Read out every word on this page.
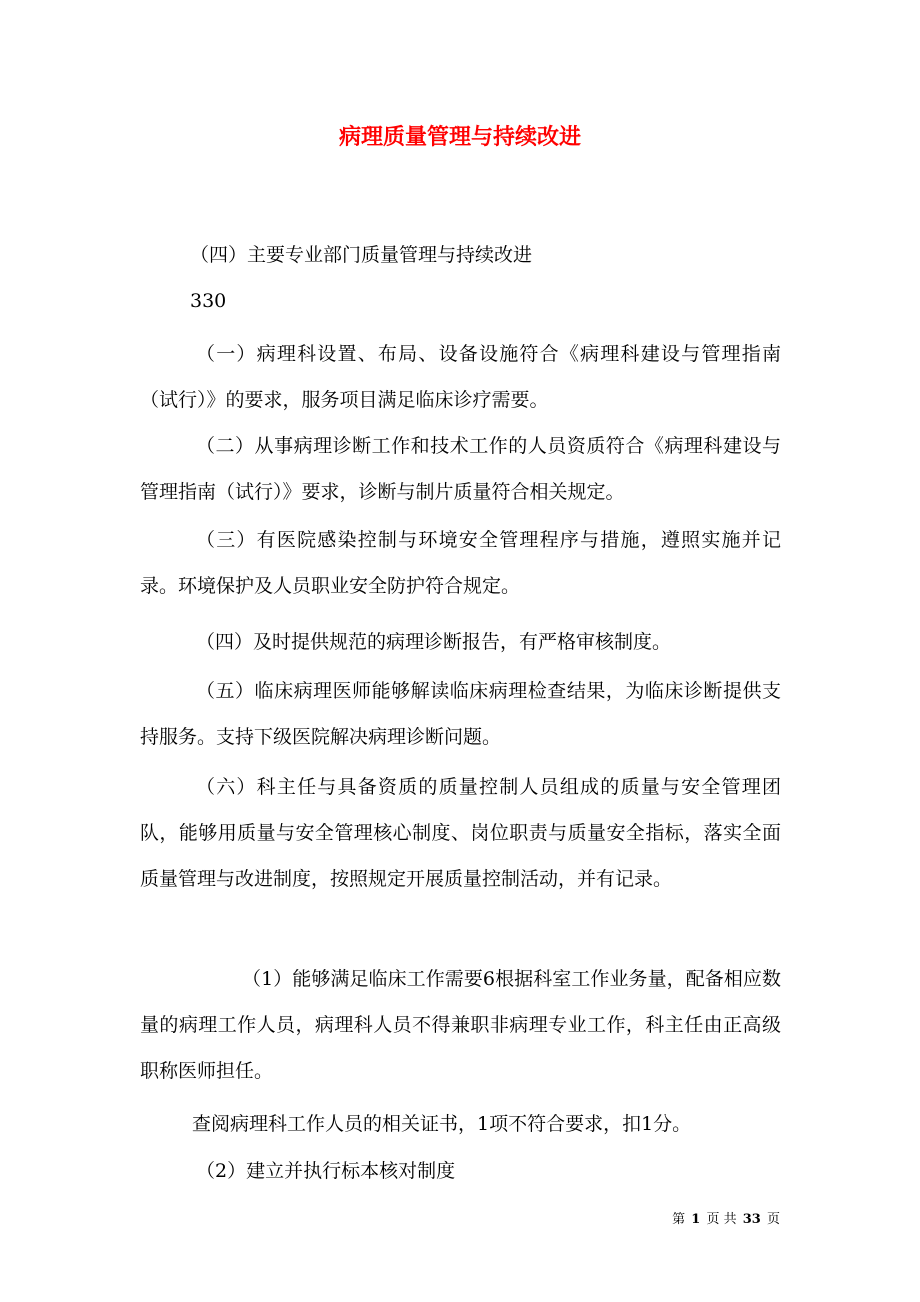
病理质量管理与持续改进

（四）主要专业部门质量管理与持续改进

330

（一）病理科设置、布局、设备设施符合《病理科建设与管理指南（试行）》的要求，服务项目满足临床诊疗需要。

（二）从事病理诊断工作和技术工作的人员资质符合《病理科建设与管理指南（试行）》要求，诊断与制片质量符合相关规定。

（三）有医院感染控制与环境安全管理程序与措施，遵照实施并记录。环境保护及人员职业安全防护符合规定。

（四）及时提供规范的病理诊断报告，有严格审核制度。

（五）临床病理医师能够解读临床病理检查结果，为临床诊断提供支持服务。支持下级医院解决病理诊断问题。

（六）科主任与具备资质的质量控制人员组成的质量与安全管理团队，能够用质量与安全管理核心制度、岗位职责与质量安全指标，落实全面质量管理与改进制度，按照规定开展质量控制活动，并有记录。

（1）能够满足临床工作需要6根据科室工作业务量，配备相应数量的病理工作人员，病理科人员不得兼职非病理专业工作，科主任由正高级职称医师担任。

查阅病理科工作人员的相关证书，1项不符合要求，扣1分。

（2）建立并执行标本核对制度

第 1 页 共 33 页
